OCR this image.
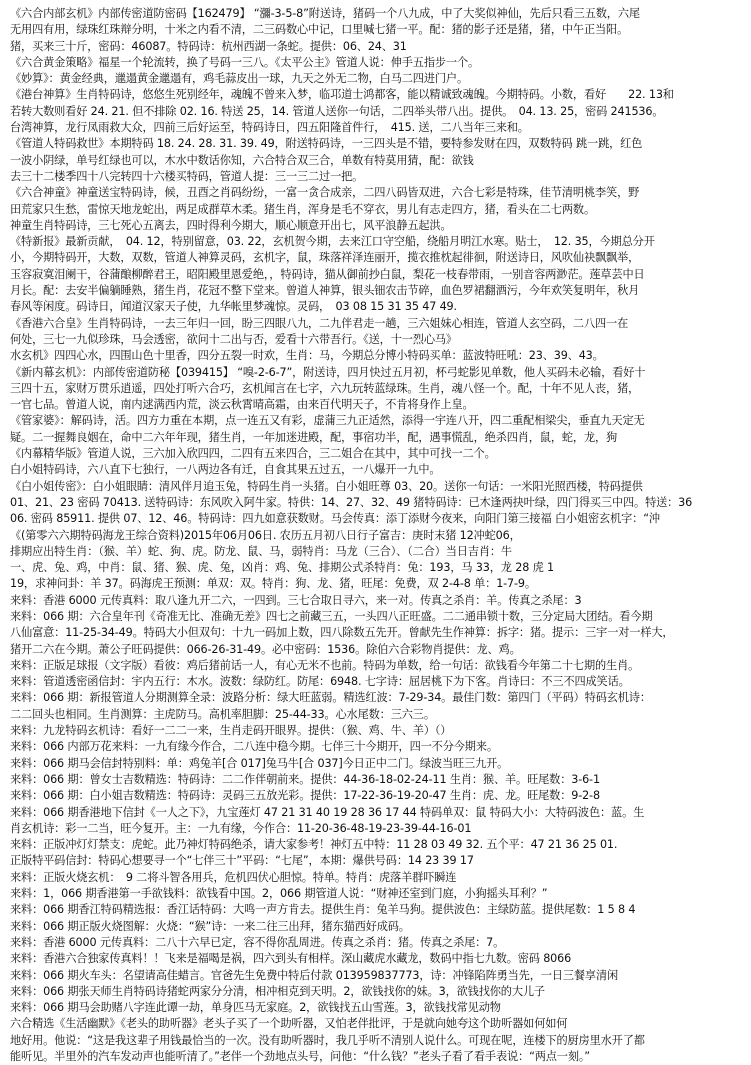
《六合内部玄机》内部传密道防密码【162479】 “瀰-3-5-8”附送诗，猪码一个八九成，中了大奖似神仙，先后只看三五数，六尾
无用四有用，绿珠红珠辩分明，十米之内看不清，二三码数心中记，口里喊七猪一平。配：猪的影子还是猪，猪，中午正当阳。
猪，买来三十斤，密码：46087。特码诗：杭州西湖一条蛇。提供：06、24、31
《六合黄金策略》福星一个轮流转，换了号码一三八。《太平公主》管道人说：伸手五指步一个。
《妙算》：黄金经典，邋遢黄金邋遢有，鸡毛蒜皮出一球，九天之外无二物，白马二四进门户。
《港台神算》生肖特码诗，悠悠生死别经年，魂魄不曾来入梦，临邛道士鸿都客，能以精诚致魂魄。今期特码。小数，看好　　22. 13和
若转大数则看好 24. 21. 但不排除 02. 16. 特送 25，14. 管道人送你一句话，二四举头带八出。提供。　04. 13. 25，密码 241536。
台湾神算，龙行凤雨救大众，四前三后好运至，特码诗日，四五阳隆首件行，　415. 送，二八当年三来和。
《管道人特码救世》本期特码 18. 24. 28. 31. 39. 49，附送特码诗，一三四头是不错，要特参发财在四，双数特码 跳一跳，红色
一波小阴绿，单号红绿也可以，木水中数话你知，六合特合双三合，单数有特莫用猜，配：欲钱
去三十二楼季四十八完转四十六楼买特码，管道人提：三一三二过一把。
《六合神童》神童送宝特码诗，候，丑酉之肖码纷纷，一富一贪合成亲，二四八码皆双进，六合七彩是特珠，佳节清明桃李笑，野
田荒家只生愁，雷惊天地龙蛇出，两足成群草木柔。猪生肖，浑身是毛不穿衣，男儿有志走四方，猪，看头在二七两数。
神童生肖特码诗，三七死心五离去，四时得利今期大，顺心顺意开出七，风平浪静五起洪。
《特新报》最新贡献，　04. 12，特别留意，03. 22，玄机贺今期，去来江口守空船，绕船月明江水寒。贴士，　12. 35，今期总分开
小，今期特码开，大数，双数，管道人神算灵码，玄机字，鼠，珠落祥泽连丽开，揽衣推枕起徘徊，附送诗日，风吹仙袂飘飘举，
玉容寂寞泪阑干，谷蒲酿柳醉君王，昭阳殿里恩爱绝，，特码诗，猫从御前抄白鼠，梨花一枝春带雨，一别音容两渺茫。莲草芸中日
月长。配：去安半偏躺睡熟，猪生肖，花冠不整下堂来。曾道人神算，银头钿农击节碎，血色罗裙翻酒污，今年欢笑复明年，秋月
春风等闲度。码诗日，闻道汉家天子使，九华帐里梦魂惊。灵码，　03 08 15 31 35 47 49.
《香港六合皇》生肖特码诗，一去三年归一回，盼三四眼八九，二九伴君走一趟，三六姐妹心相连，管道人玄空码，二八四一在
何处，三七一九似珍珠，马会透密，欲问十二出与否，爱看十六带吾行。《送，十一烈心马》
水玄机》四四心水，四围山色十里香，四分五裂一时欢，生肖：马，今期总分博小特码买单：蓝波特旺吼：23、39、43。
《新内幕玄机》：内部传密道防秘【039415】 “嗅-2-6-7”，附送诗，四月快过五月初，杯弓蛇影见单数，他人买码未必输，看好十
三四十五，家财万贯乐逍遥，四处打听六合巧，玄机闻言在七字，六九玩转蓝绿珠。生肖，魂八怪一个。配，十年不见人丧，猪，
一官七品。曾道人说，南内逑满西内荒，淡云秋霄晴高霜，由来百代明天子，不肯将身作上皇。
《管家婆》：解码诗，活。四方力重在本期，点一连五又有彩，虚蒲三九正适然，添得一宇连八开，四二重配相梁尖，垂直九天定无
疑。二一握舞良姻在，命中二六年年现，猪生肖，一年加迷进殿，配，事宿功半，配，遇事慌乱，绝杀四肖，鼠，蛇，龙，狗
《内幕精华版》管道人说，三六加入欣四四，二四有五来四合，三二姐合在其中，其中可找一二个。
白小姐特码诗，六八直下七独行，一八两边各有迁，自食其果五过五，一八爆开一九中。
《白小姐传密》：白小姐眼睛：清风伴月追玉兔，特码生肖一头猪。白小姐旺尊 03、20。送你一句话：一米阳光照西楼，特码提供
01、21、23 密码 70413. 送特码诗：东风吹入阿牛家。特供：14、27、32、49 猪特码诗：已木逢两抉叶绿，四门得买三中四。特送：36
06. 密码 85911. 提供 07、12、46。特码诗：四九如意获数财。马会传真：添丁添财今夜来，向阳门第三接福 白小姐密玄机字：“沖
《(第零六六期特码海龙王综合资料)2015年06月06日. 农历五月初八日行子富吉：庚时末猪 12冲蛇06，
排期应出特生肖：（猴、羊）蛇、狗、虎。防龙、鼠、马，弱特肖：马龙（三合）、（二合）当日吉肖：牛
一、虎、兔、鸡，中肖：鼠、猪、猴、虎、兔，凶肖：鸡、兔、排期公式杀特肖：兔：193，马 33，龙 28 虎 1
19，求神问卦：羊 37。码海虎王预测：单双：双。特肖：狗、龙、猪，旺尾：免费，双 2-4-8 单：1-7-9。
来料：香港 6000 元传真料：取八逢九开二六，一四到。三七合取日寻六，来一对。传真之杀肖：羊。传真之杀尾：3
来料：066 期：六合皇年刊《奇准无比、准确无差》四七之前藏三五，一头四八正旺盛。二二通串锁十数，三分定局大团结。看今期
八仙富意：11-25-34-49。特码大小但双句：十九一码加上数，四八除数五先开。曾献先生作神算：拆字：猪。提示：三宇一对一样大，
猪开二六在今期。萧公子旺码提供：066-26-31-49。必中密码：1536。除伯六合彩物肖提供：龙、鸡。
来料：正版足球报（文字版）看彼：鸡后猪前话一人，有心无米不也前。特码为单数，给一句话：欲钱看今年第二十七期的生肖。
来料：管道透密函信封：宇内五行：木水。波数：绿防红。防尾：6948. 七字诗：屈居桃下为下客。肖诗曰：不三不四成笑话。
来料：066 期：新报管道人分期测算全录：波路分析：绿大旺蓝弱。精选红波：7-29-34。最佳门数：第四门（平码）特码玄机诗：
二二回头也相同。生肖测算：主虎防马。高机率胆脚：25-44-33。心水尾数：三六三。
来料：九龙特码玄机诗：看好一二二一来，生肖走码开眼界。提供：（猴、鸡、牛、羊）（）
来料：066 内部万花来料：一九有缘今作合，二八连中稳今期。七伴三十今期开，四一不分今期来。
来料：066 期马会信封特别料：单：鸡兔羊[合 017]兔马牛[合 037]今日正中二门。绿波当旺三九开。
来料：066 期：曾女士吉数精选：特码诗：二二作伴朝前来。提供：44-36-18-02-24-11 生肖：猴、羊。旺尾数：3-6-1
来料：066 期：白小姐吉数精选：特码诗：灵码三五放光彩。提供：17-22-36-19-20-47 生肖：虎、龙。旺尾数：9-2-8
来料：066 期香港地下信封《一人之下》，九宝莲灯 47 21 31 40 19 28 36 17 44 特码单双：鼠 特码大小：大特码波色：蓝。生
肖玄机诗：彩一二当，旺今复开。主：一九有缘，今作合：11-20-36-48-19-23-39-44-16-01
来料：正版冲灯灯禁支：虎蛇。此乃神灯特码绝杀，请大家参考！神灯五中特：11 28 03 49 32. 五个平：47 21 36 25 01.
正版特平码信封：特码心想要寻一个“七伴三十”平码：“七尾”，本期：爆供号码：14 23 39 17
来料：正版火烧玄机：　9 二将斗智各用兵，危机四伏心胆惊。特单。特肖：虎落羊群吓瞬连
来料：1，066 期香港第一手欲钱料：欲钱看中国。2，066 期管道人说：“财神还室到门庭，小狗摇头耳利？”
来料：066 期香江特码精选报：香江话特码：大鸣一声方肯去。提供生肖：兔羊马狗。提供波色：主绿防蓝。提供尾数：1 5 8 4
来料：066 期正版火烧图解：火烧：“猴”诗：一来二往三出拜，猪东猫西好成码。
来料：香港 6000 元传真料：二八十六早已定，容不得你乱周进。传真之杀肖：猪。传真之杀尾：7。
来料：香港六合独家传真料！！飞来是福喝是祸，四六到头有相样。深山藏虎水藏龙，数码中指七九数。密码 8066
来料：066 期火车头：名望请高佳蜡言。官爸先生免费中特后付款 013959837773，诗：冲锋陷阵勇当先，一日三餐享清闲
来料：066 期张天师生肖特码诗猪蛇两家分分清，相冲相克到天明。2，欲钱找你的妹。3，欲钱找你的大儿子
来料：066 期马会助赌八字连此谭一劫，单身匹马无家庭。2，欲钱找五山雪莲。3，欲钱找常见动物
六合精选《生活幽默》《老头的助听器》老头子买了一个助听器，又怕老伴批评，于是就向她夸这个助听器如何如何
地好用。他说：“这是我这辈子用钱最恰当的一次。没有助听器时，我几乎听不清别人说什么。可现在呢，连楼下的厨房里水开了都
能听见。半里外的汽车发动声也能听清了。”老伴一个劲地点头号，问他：“什么钱？”老头子看了看手表说：“两点一刻。”
